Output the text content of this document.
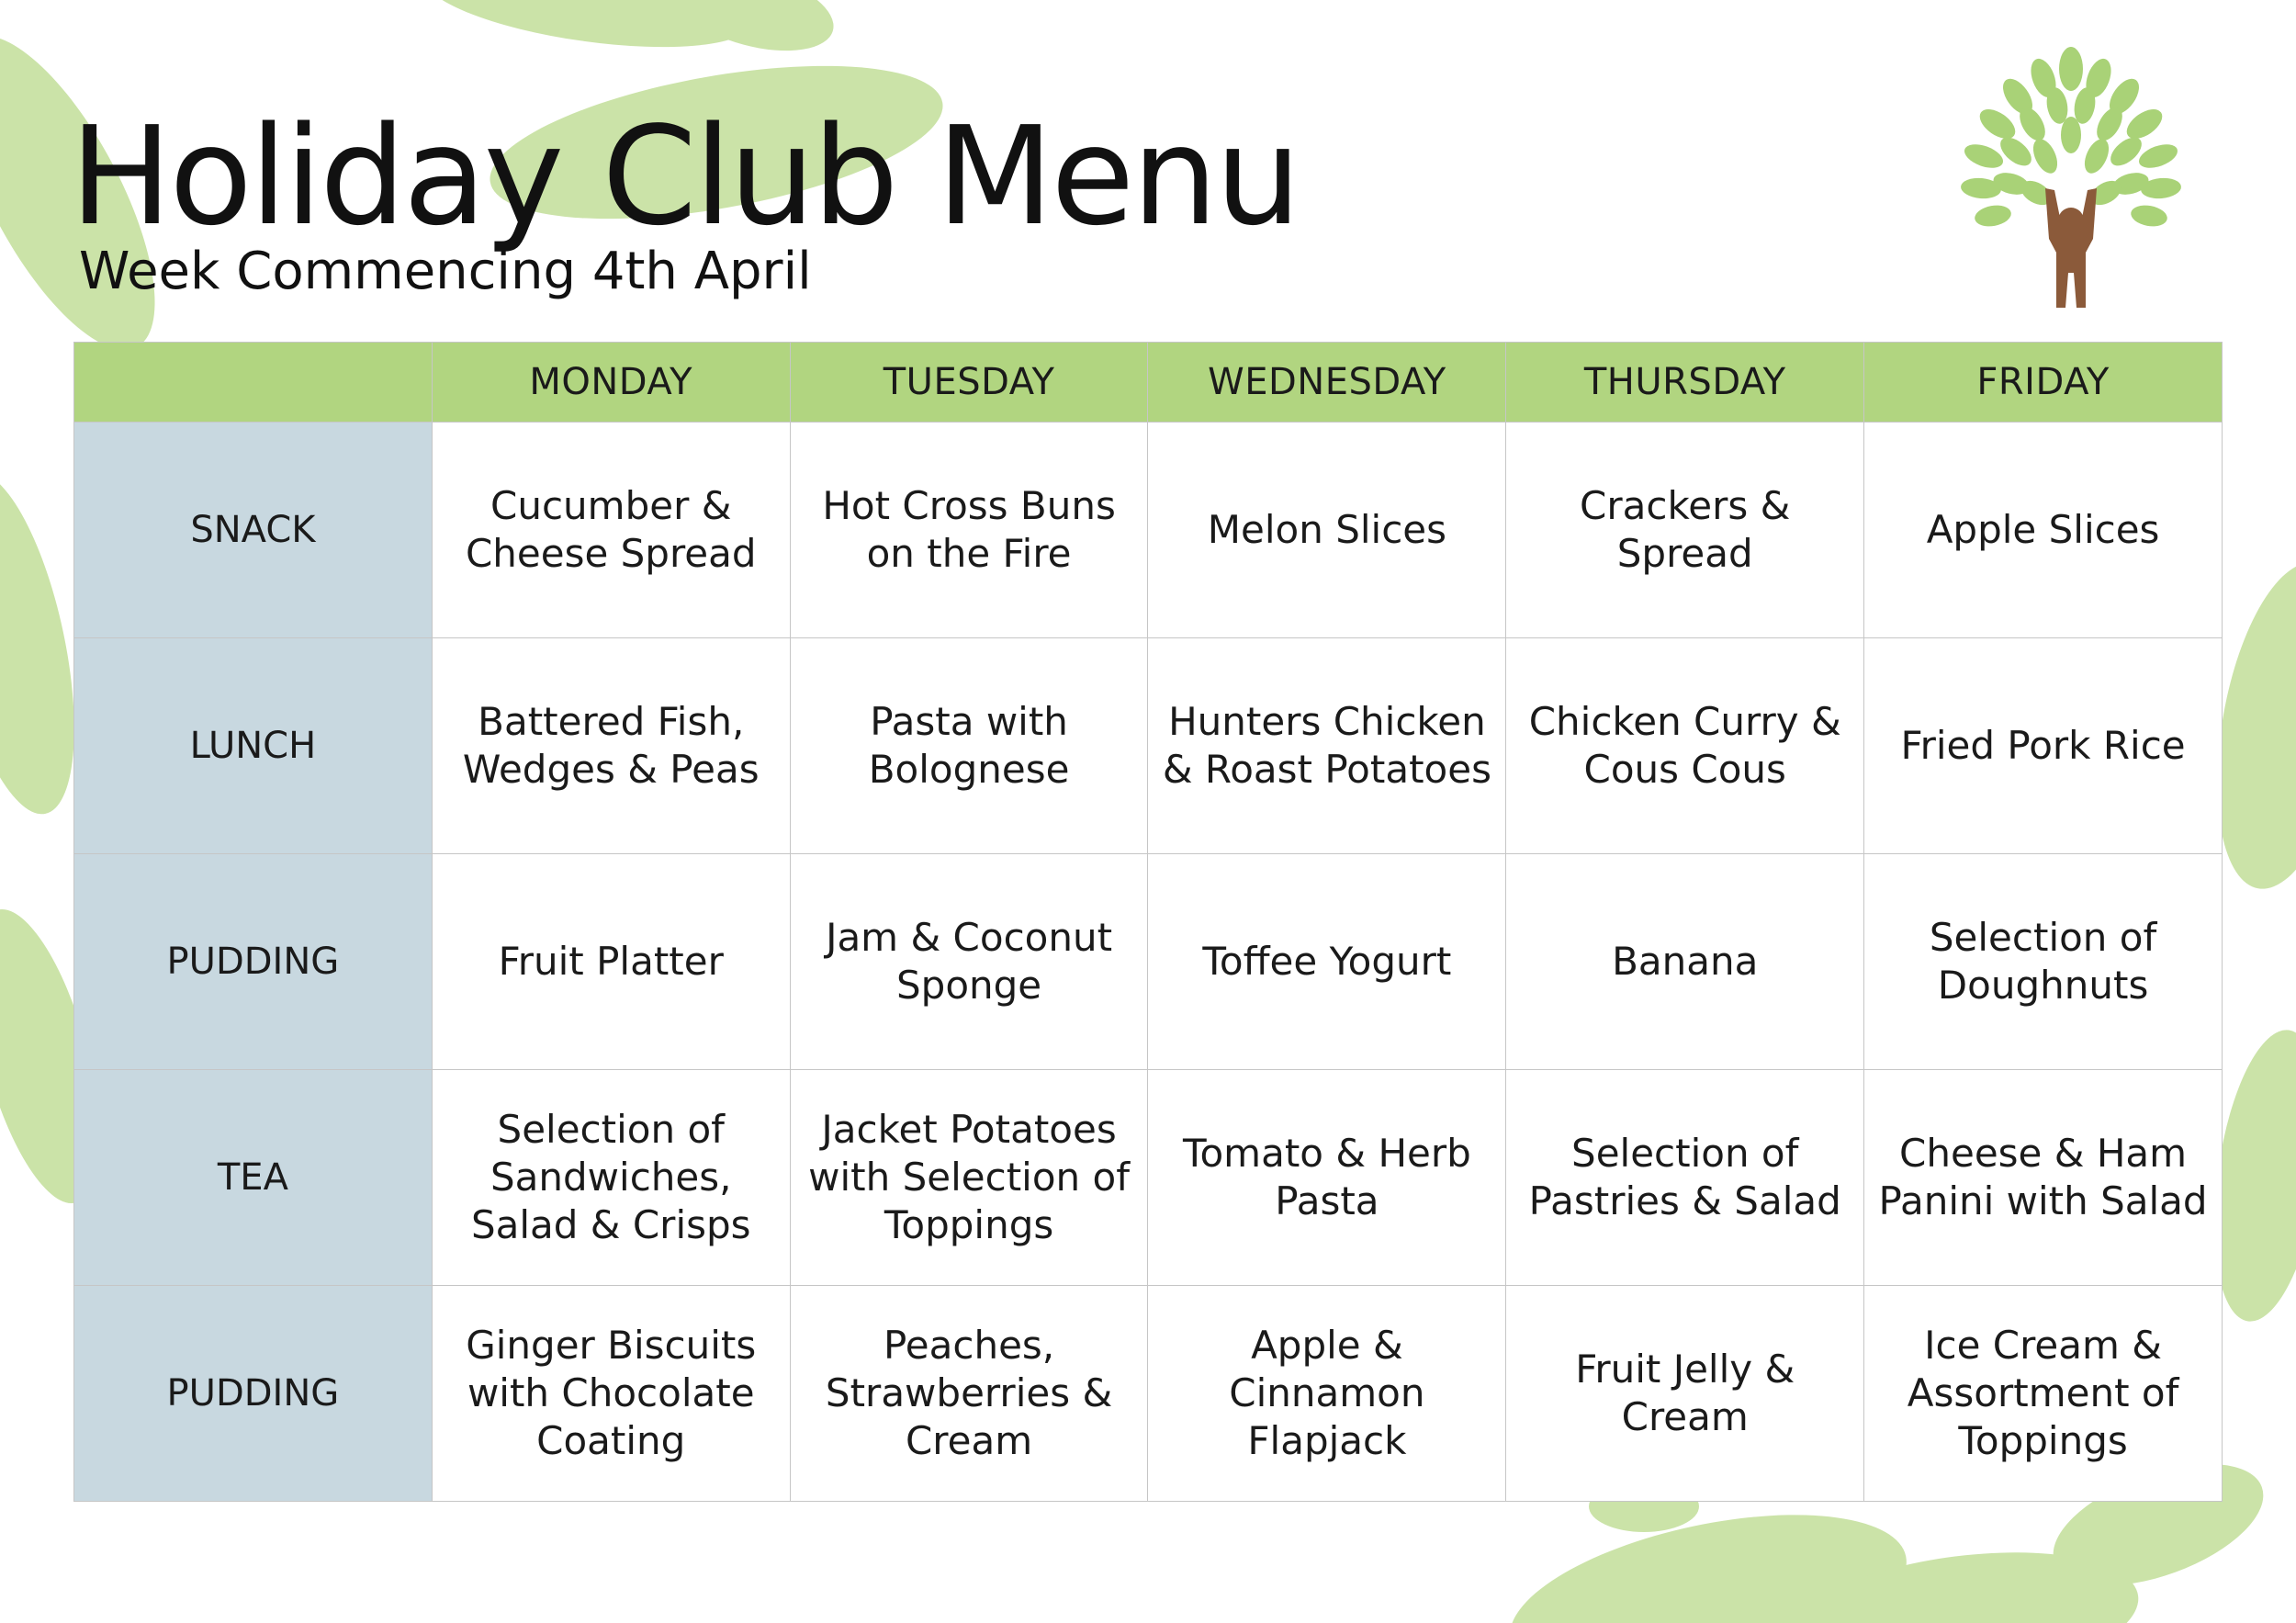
Holiday Club Menu
Week Commencing 4th April
	MONDAY	TUESDAY	WEDNESDAY	THURSDAY	FRIDAY
SNACK	Cucumber & Cheese Spread	Hot Cross Buns on the Fire	Melon Slices	Crackers & Spread	Apple Slices
LUNCH	Battered Fish, Wedges & Peas	Pasta with Bolognese	Hunters Chicken & Roast Potatoes	Chicken Curry & Cous Cous	Fried Pork Rice
PUDDING	Fruit Platter	Jam & Coconut Sponge	Toffee Yogurt	Banana	Selection of Doughnuts
TEA	Selection of Sandwiches, Salad & Crisps	Jacket Potatoes with Selection of Toppings	Tomato & Herb Pasta	Selection of Pastries & Salad	Cheese & Ham Panini with Salad
PUDDING	Ginger Biscuits with Chocolate Coating	Peaches, Strawberries & Cream	Apple & Cinnamon Flapjack	Fruit Jelly & Cream	Ice Cream & Assortment of Toppings
